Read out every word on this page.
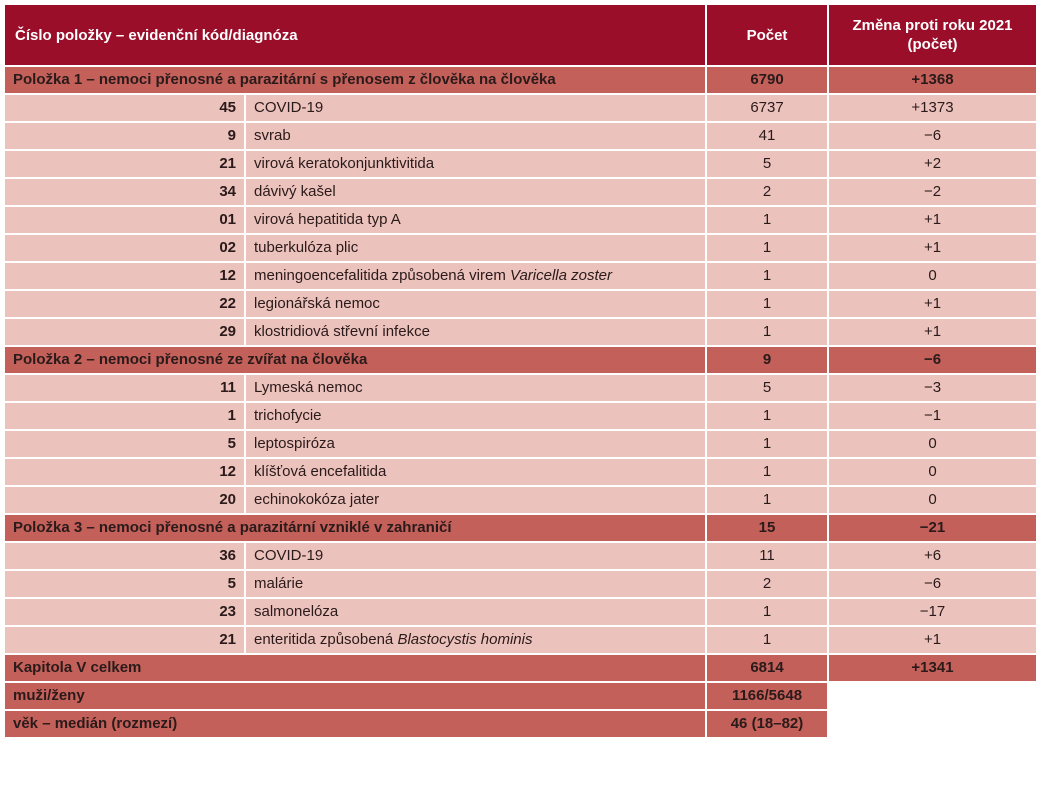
Číslo položky – evidenční kód/diagnóza		Počet	Změna proti roku 2021
(počet)
Položka 1 – nemoci přenosné a parazitární s přenosem z člověka na člověka		6790	+1368
45	COVID-19	6737	+1373
9	svrab	41	−6
21	virová keratokonjunktivitida	5	+2
34	dávivý kašel	2	−2
01	virová hepatitida typ A	1	+1
02	tuberkulóza plic	1	+1
12	meningoencefalitida způsobená virem Varicella zoster	1	0
22	legionářská nemoc	1	+1
29	klostridiová střevní infekce	1	+1
Položka 2 – nemoci přenosné ze zvířat na člověka		9	−6
11	Lymeská nemoc	5	−3
1	trichofycie	1	−1
5	leptospiróza	1	0
12	klíšťová encefalitida	1	0
20	echinokokóza jater	1	0
Položka 3 – nemoci přenosné a parazitární vzniklé v zahraničí		15	−21
36	COVID-19	11	+6
5	malárie	2	−6
23	salmonelóza	1	−17
21	enteritida způsobená Blastocystis hominis	1	+1
Kapitola V celkem		6814	+1341
muži/ženy		1166/5648	
věk – medián (rozmezí)		46 (18–82)	
